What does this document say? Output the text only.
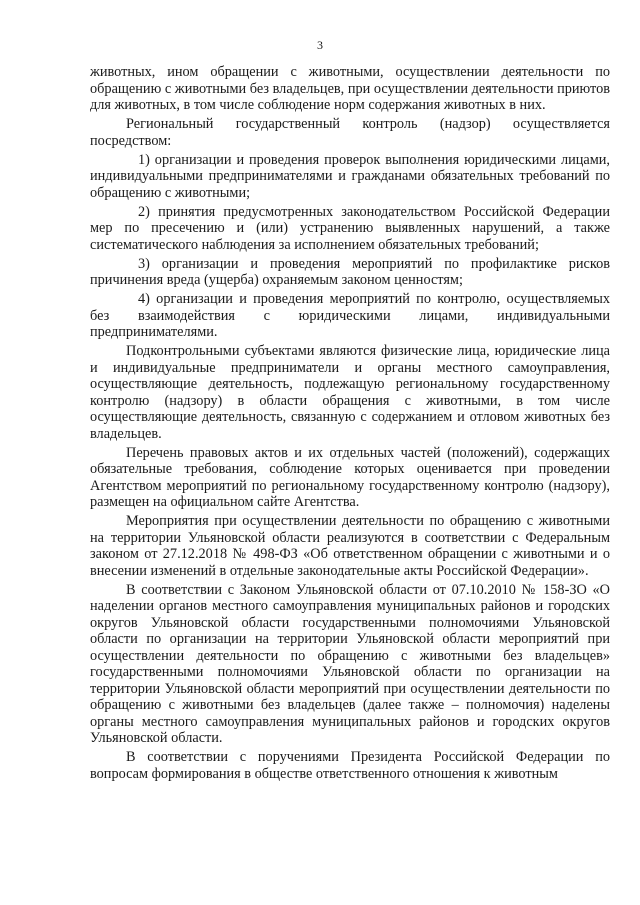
3

животных, ином обращении с животными, осуществлении деятельности по обращению с животными без владельцев, при осуществлении деятельности приютов для животных, в том числе соблюдение норм содержания животных в них.

Региональный государственный контроль (надзор) осуществляется посредством:

1) организации и проведения проверок выполнения юридическими лицами, индивидуальными предпринимателями и гражданами обязательных требований по обращению с животными;

2) принятия предусмотренных законодательством Российской Федерации мер по пресечению и (или) устранению выявленных нарушений, а также систематического наблюдения за исполнением обязательных требований;

3) организации и проведения мероприятий по профилактике рисков причинения вреда (ущерба) охраняемым законом ценностям;

4) организации и проведения мероприятий по контролю, осуществляемых без взаимодействия с юридическими лицами, индивидуальными предпринимателями.

Подконтрольными субъектами являются физические лица, юридические лица и индивидуальные предприниматели и органы местного самоуправления, осуществляющие деятельность, подлежащую региональному государственному контролю (надзору) в области обращения с животными, в том числе осуществляющие деятельность, связанную с содержанием и отловом животных без владельцев.

Перечень правовых актов и их отдельных частей (положений), содержащих обязательные требования, соблюдение которых оценивается при проведении Агентством мероприятий по региональному государственному контролю (надзору), размещен на официальном сайте Агентства.

Мероприятия при осуществлении деятельности по обращению с животными на территории Ульяновской области реализуются в соответствии с Федеральным законом от 27.12.2018 № 498-ФЗ «Об ответственном обращении с животными и о внесении изменений в отдельные законодательные акты Российской Федерации».

В соответствии с Законом Ульяновской области от 07.10.2010 № 158-ЗО «О наделении органов местного самоуправления муниципальных районов и городских округов Ульяновской области государственными полномочиями Ульяновской области по организации на территории Ульяновской области мероприятий при осуществлении деятельности по обращению с животными без владельцев» государственными полномочиями Ульяновской области по организации на территории Ульяновской области мероприятий при осуществлении деятельности по обращению с животными без владельцев (далее также – полномочия) наделены органы местного самоуправления муниципальных районов и городских округов Ульяновской области.

В соответствии с поручениями Президента Российской Федерации по вопросам формирования в обществе ответственного отношения к животным
